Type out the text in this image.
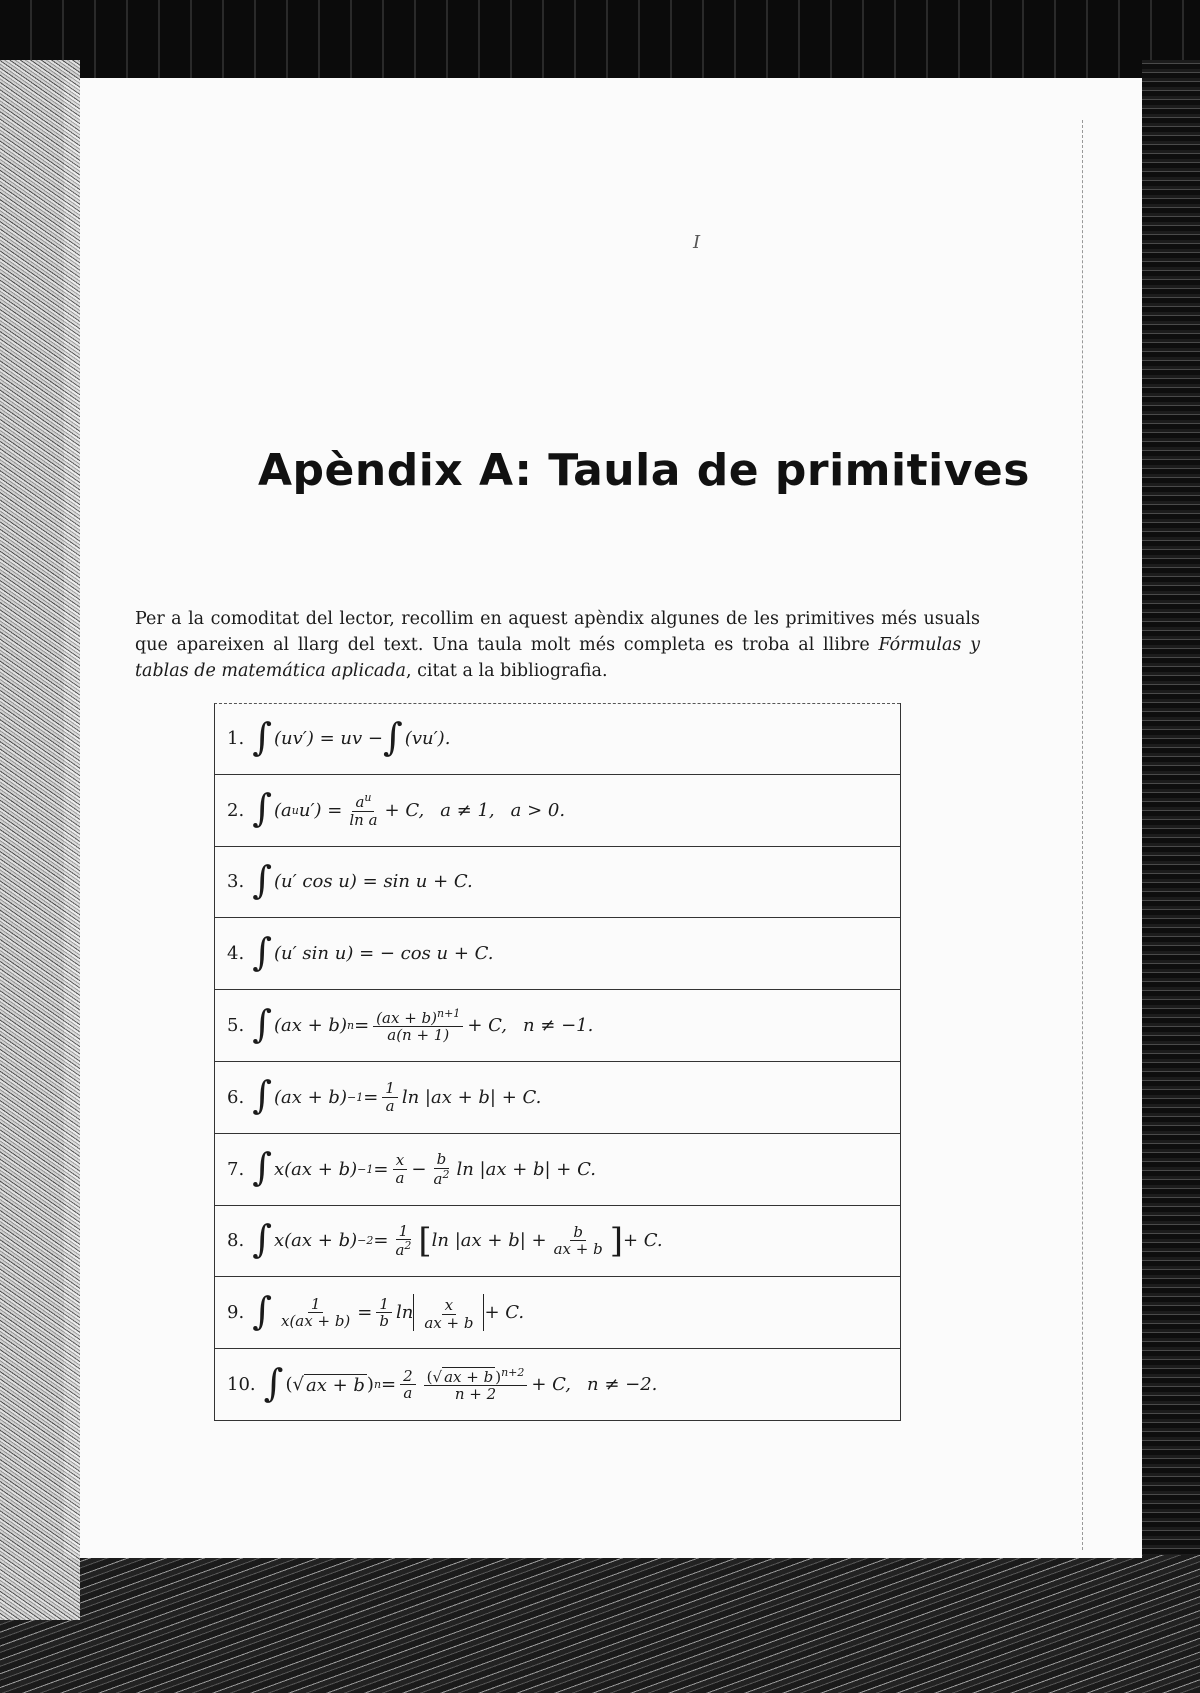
I
Apèndix A: Taula de primitives

Per a la comoditat del lector, recollim en aquest apèndix algunes de les primitives més usuals que apareixen al llarg del text. Una taula molt més completa es troba al llibre Fórmulas y tablas de matemática aplicada, citat a la bibliografia.

1. ∫ (uv′) = uv − ∫ (vu′).
2. ∫ (a u $u') = \frac{a^u}{\text{ln a}} + C$, a ≠ 1, a > 0.
3. ∫ (u′ cos u) = sin u + C.
4. ∫ (u′ sin u) = − cos u + C.
5. ∫ (ax + b) $n = \frac{(ax + b)^{n+1}}{a(n + 1)} + C$, n ≠ −1.
6. ∫ $(ax + b) -1 = \frac{1}{a}$ ln |ax + b| + C.
7. ∫ $x(ax + b) -1 = \frac{x}{a} - \frac{b}{a^2}$ ln |ax + b| + C.
8. ∫ $x(ax + b) -2 = \frac{1}{a^2}$ [ $\ln |ax + b| + \frac{b}{ax + b}$ ] + C.
9. ∫ $\frac{1}{x(ax + b)} = \frac{1}{b}$ $\ln \frac{x}{ax + b} + C$.
10. ∫ ( √ ax + b ) $n = \frac{2}{a} \frac{(√ ax + b )^{n+2}}{n + 2} + C$, n ≠ −2.
